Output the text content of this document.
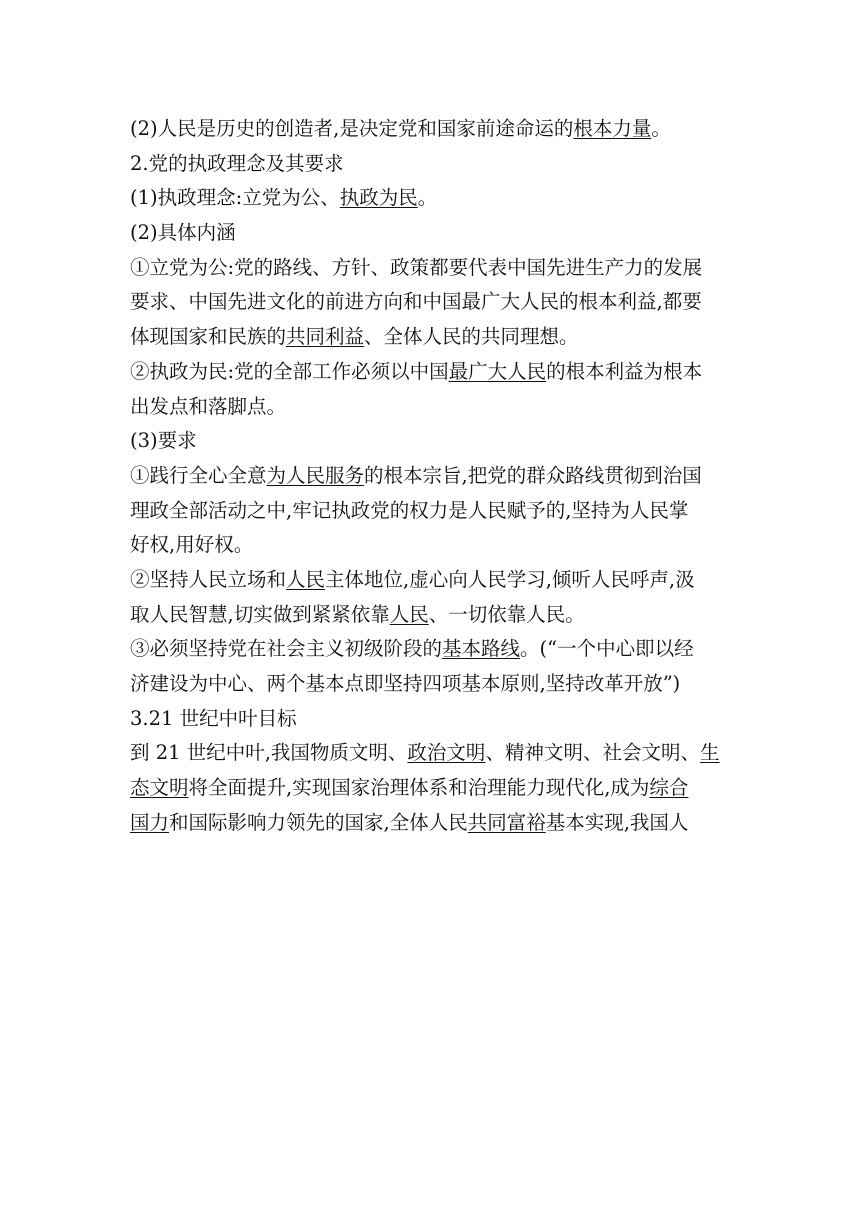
(2)人民是历史的创造者,是决定党和国家前途命运的根本力量。
2.党的执政理念及其要求
(1)执政理念:立党为公、执政为民。
(2)具体内涵
①立党为公:党的路线、方针、政策都要代表中国先进生产力的发展
要求、中国先进文化的前进方向和中国最广大人民的根本利益,都要
体现国家和民族的共同利益、全体人民的共同理想。
②执政为民:党的全部工作必须以中国最广大人民的根本利益为根本
出发点和落脚点。
(3)要求
①践行全心全意为人民服务的根本宗旨,把党的群众路线贯彻到治国
理政全部活动之中,牢记执政党的权力是人民赋予的,坚持为人民掌
好权,用好权。
②坚持人民立场和人民主体地位,虚心向人民学习,倾听人民呼声,汲
取人民智慧,切实做到紧紧依靠人民、一切依靠人民。
③必须坚持党在社会主义初级阶段的基本路线。(“一个中心即以经
济建设为中心、两个基本点即坚持四项基本原则,坚持改革开放”)
3.21 世纪中叶目标
到 21 世纪中叶,我国物质文明、政治文明、精神文明、社会文明、生
态文明将全面提升,实现国家治理体系和治理能力现代化,成为综合
国力和国际影响力领先的国家,全体人民共同富裕基本实现,我国人
